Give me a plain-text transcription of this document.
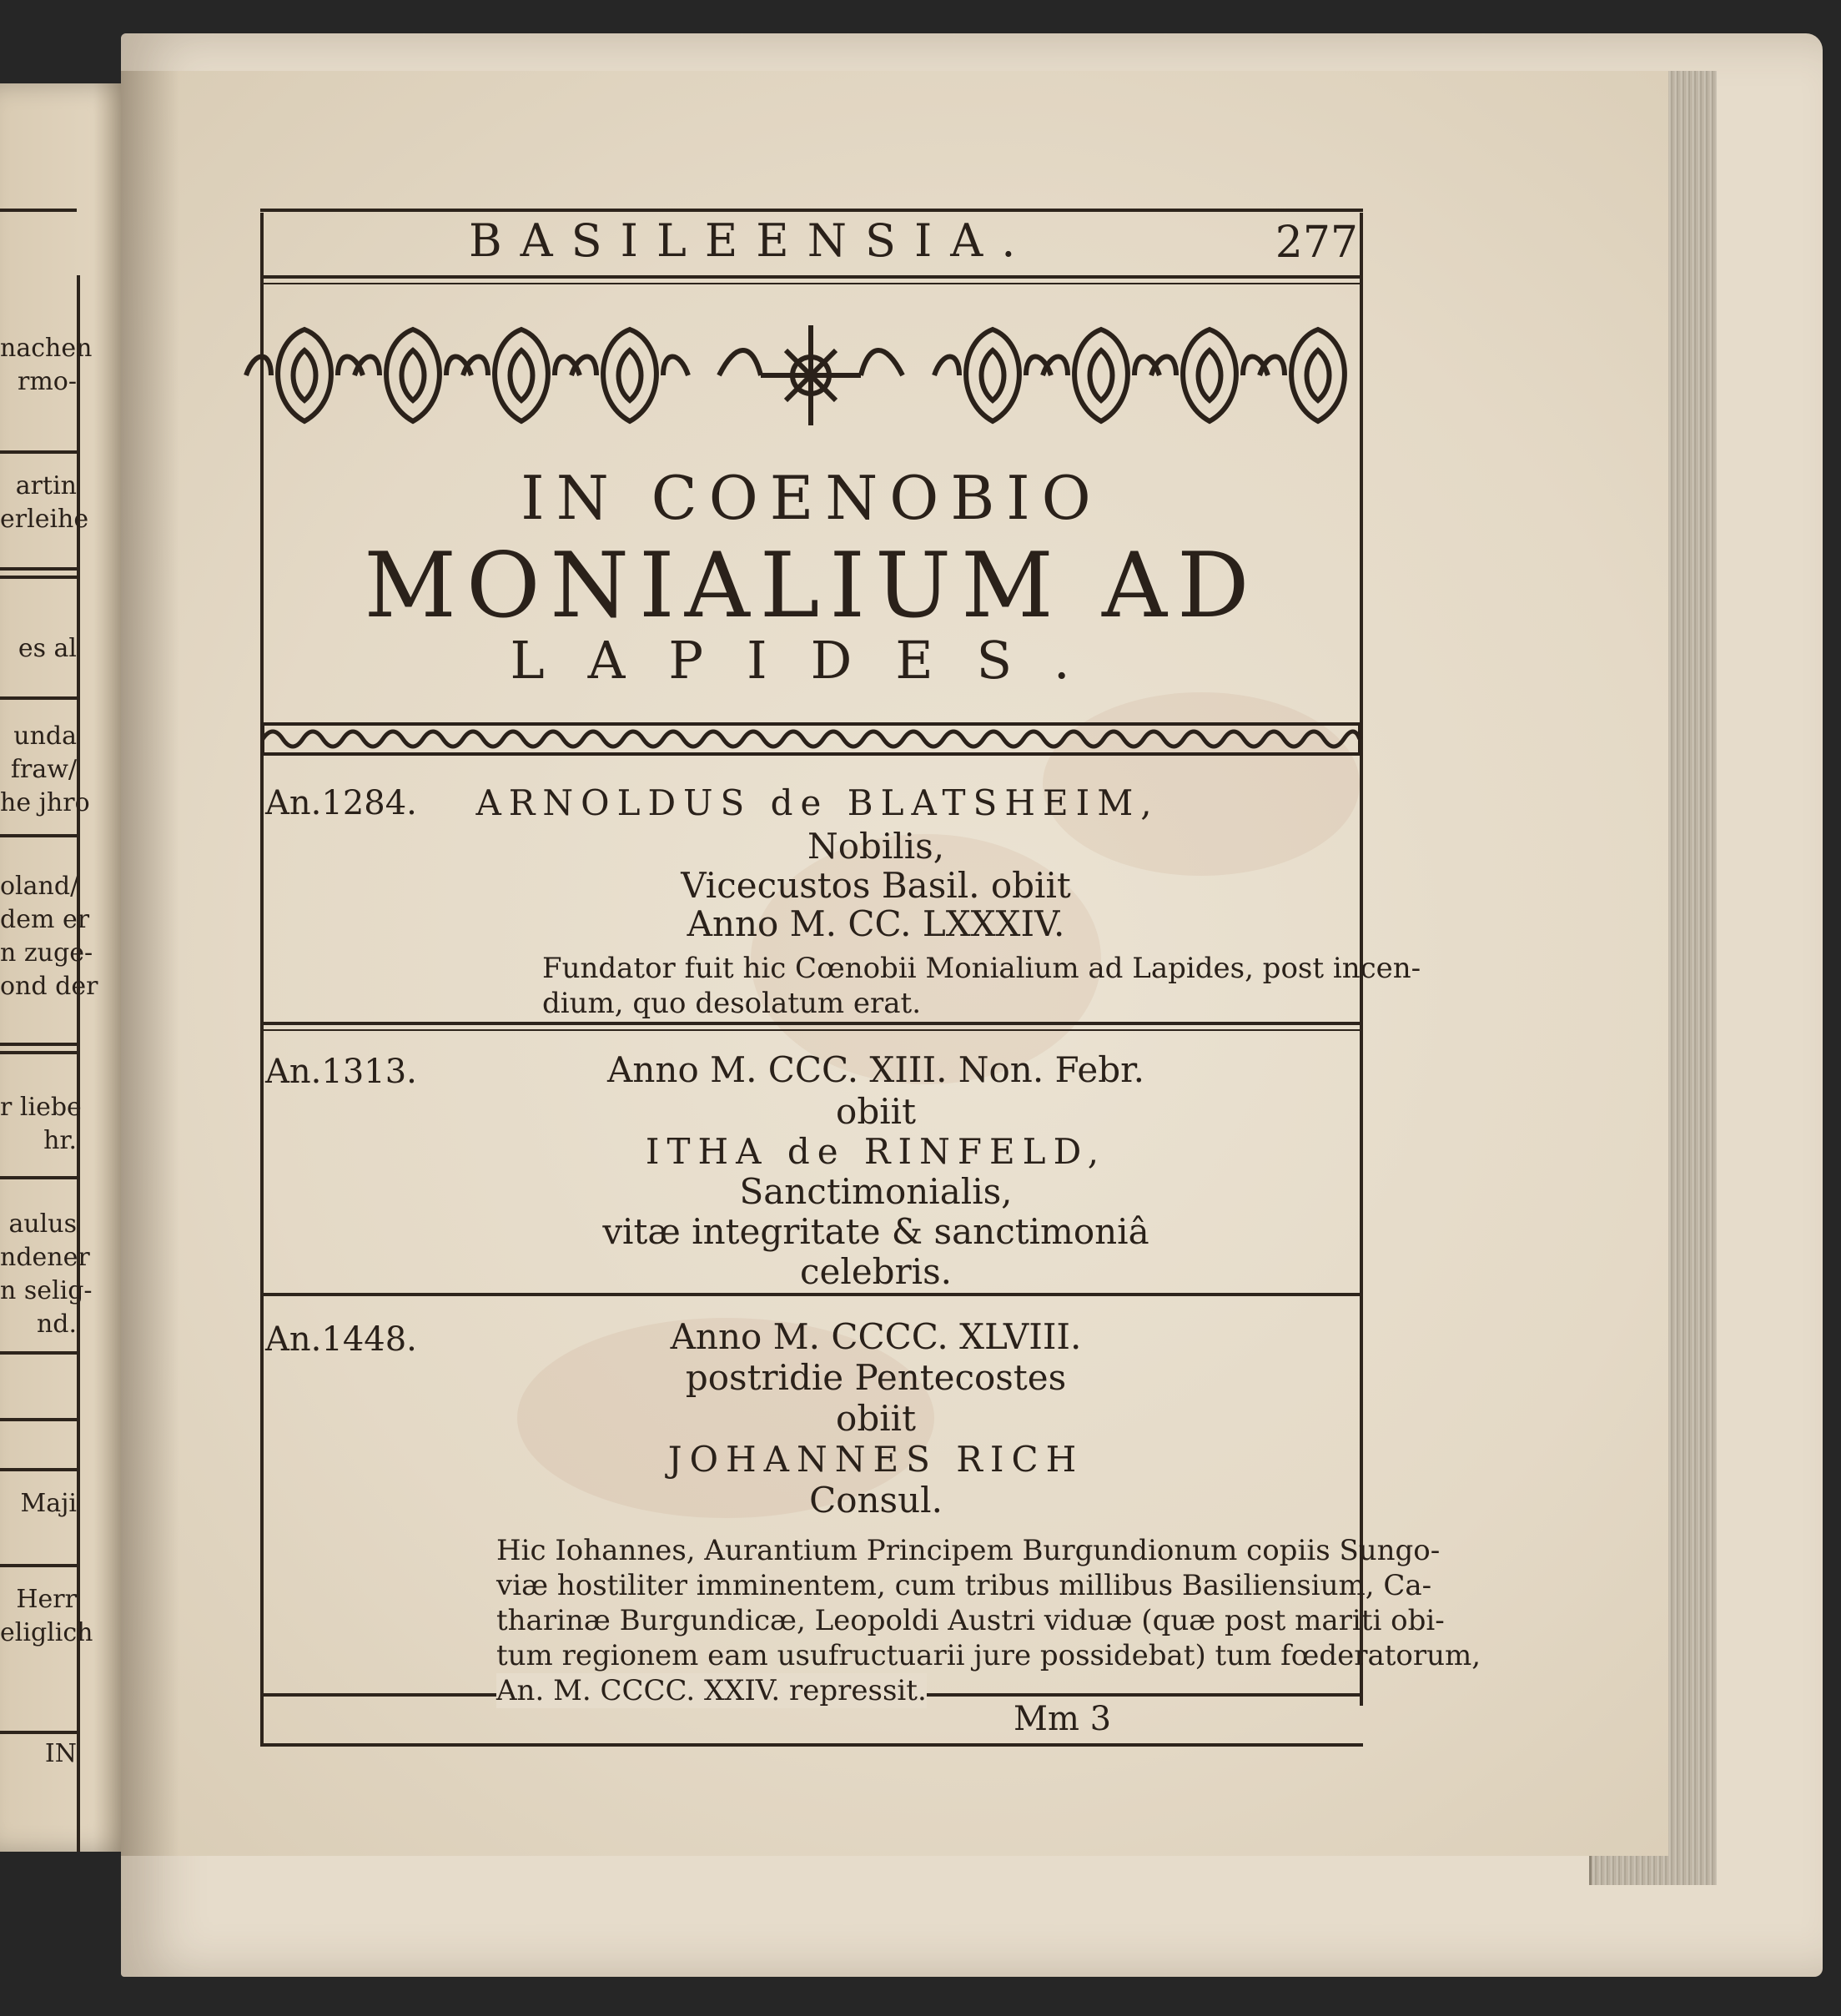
nachen
rmo-
artin
erleihe
es al
unda
fraw/
he jhro
oland/
dem er
n zuge-
ond der
r liebe
hr.
aulus
ndener
n selig-
nd.
Maji
Herr
eliglich
IN
BASILEENSIA.	277
IN COENOBIO
MONIALIUM AD
LAPIDES.
An.1284.	ARNOLDUS de BLATSHEIM,
Nobilis,
Vicecustos Basil. obiit
Anno M. CC. LXXXIV.
Fundator fuit hic Cœnobii Monialium ad Lapides, post incen-
dium, quo desolatum erat.
An.1313.	Anno M. CCC. XIII. Non. Febr.
obiit
ITHA de RINFELD,
Sanctimonialis,
vitæ integritate & sanctimoniâ
celebris.
An.1448.	Anno M. CCCC. XLVIII.
postridie Pentecostes
obiit
JOHANNES RICH
Consul.
Hic Iohannes, Aurantium Principem Burgundionum copiis Sungo-
viæ hostiliter imminentem, cum tribus millibus Basiliensium, Ca-
tharinæ Burgundicæ, Leopoldi Austri viduæ (quæ post mariti obi-
tum regionem eam usufructuarii jure possidebat) tum fœderatorum,
An. M. CCCC. XXIV. repressit.
Mm 3
